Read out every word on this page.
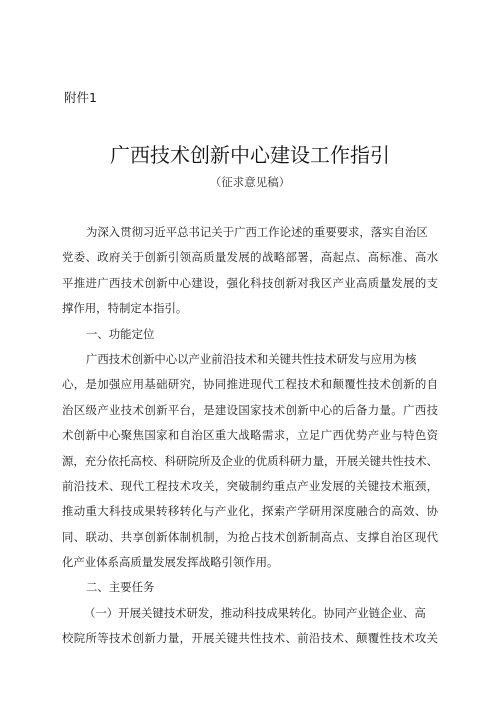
附件1
广西技术创新中心建设工作指引
（征求意见稿）
为深入贯彻习近平总书记关于广西工作论述的重要要求，落实自治区
党委、政府关于创新引领高质量发展的战略部署，高起点、高标准、高水
平推进广西技术创新中心建设，强化科技创新对我区产业高质量发展的支
撑作用，特制定本指引。
一、功能定位
广西技术创新中心以产业前沿技术和关键共性技术研发与应用为核
心，是加强应用基础研究，协同推进现代工程技术和颠覆性技术创新的自
治区级产业技术创新平台，是建设国家技术创新中心的后备力量。广西技
术创新中心聚焦国家和自治区重大战略需求，立足广西优势产业与特色资
源，充分依托高校、科研院所及企业的优质科研力量，开展关键共性技术、
前沿技术、现代工程技术攻关，突破制约重点产业发展的关键技术瓶颈，
推动重大科技成果转移转化与产业化，探索产学研用深度融合的高效、协
同、联动、共享创新体制机制，为抢占技术创新制高点、支撑自治区现代
化产业体系高质量发展发挥战略引领作用。
二、主要任务
（一）开展关键技术研发，推动科技成果转化。协同产业链企业、高
校院所等技术创新力量，开展关键共性技术、前沿技术、颠覆性技术攻关
